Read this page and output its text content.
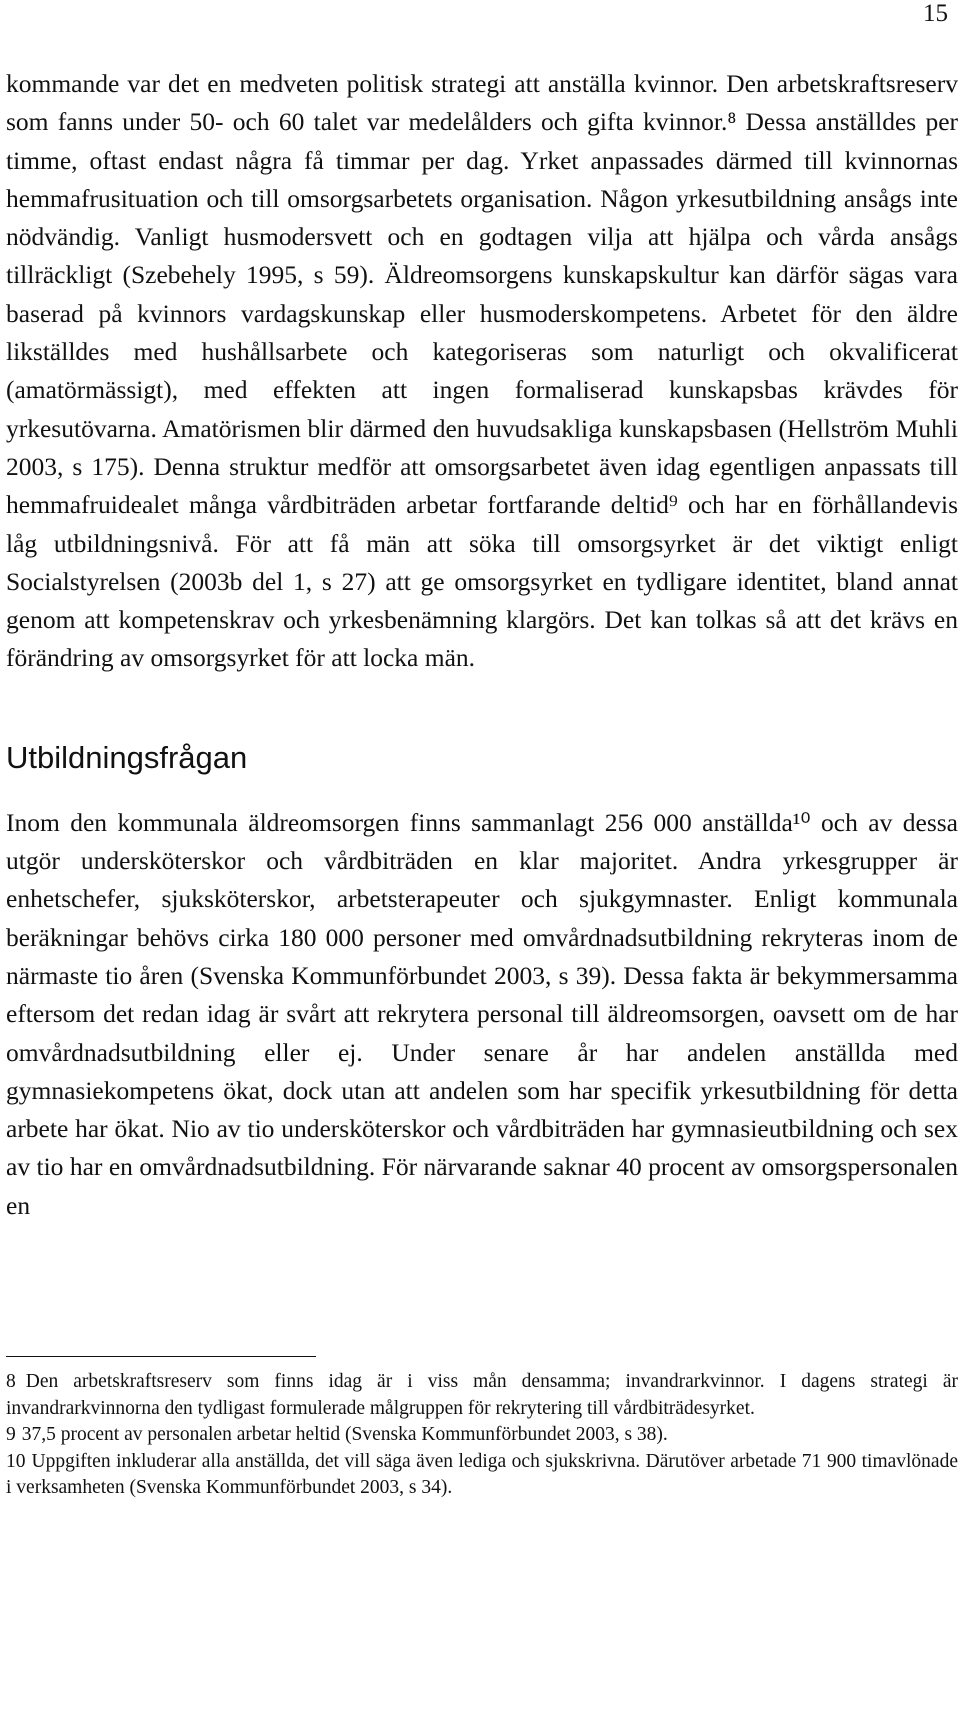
15

kommande var det en medveten politisk strategi att anställa kvinnor. Den arbetskraftsreserv som fanns under 50- och 60 talet var medelålders och gifta kvinnor.⁸ Dessa anställdes per timme, oftast endast några få timmar per dag. Yrket anpassades därmed till kvinnornas hemmafrusituation och till omsorgsarbetets organisation. Någon yrkesutbildning ansågs inte nödvändig. Vanligt husmodersvett och en godtagen vilja att hjälpa och vårda ansågs tillräckligt (Szebehely 1995, s 59). Äldreomsorgens kunskapskultur kan därför sägas vara baserad på kvinnors vardagskunskap eller husmoderskompetens. Arbetet för den äldre likställdes med hushållsarbete och kategoriseras som naturligt och okvalificerat (amatörmässigt), med effekten att ingen formaliserad kunskapsbas krävdes för yrkesutövarna. Amatörismen blir därmed den huvudsakliga kunskapsbasen (Hellström Muhli 2003, s 175). Denna struktur medför att omsorgsarbetet även idag egentligen anpassats till hemmafruidealet många vårdbiträden arbetar fortfarande deltid⁹ och har en förhållandevis låg utbildningsnivå. För att få män att söka till omsorgsyrket är det viktigt enligt Socialstyrelsen (2003b del 1, s 27) att ge omsorgsyrket en tydligare identitet, bland annat genom att kompetenskrav och yrkesbenämning klargörs. Det kan tolkas så att det krävs en förändring av omsorgsyrket för att locka män.

Utbildningsfrågan

Inom den kommunala äldreomsorgen finns sammanlagt 256 000 anställda¹⁰ och av dessa utgör undersköterskor och vårdbiträden en klar majoritet. Andra yrkesgrupper är enhetschefer, sjuksköterskor, arbetsterapeuter och sjukgymnaster. Enligt kommunala beräkningar behövs cirka 180 000 personer med omvårdnadsutbildning rekryteras inom de närmaste tio åren (Svenska Kommunförbundet 2003, s 39). Dessa fakta är bekymmersamma eftersom det redan idag är svårt att rekrytera personal till äldreomsorgen, oavsett om de har omvårdnadsutbildning eller ej. Under senare år har andelen anställda med gymnasiekompetens ökat, dock utan att andelen som har specifik yrkesutbildning för detta arbete har ökat. Nio av tio undersköterskor och vårdbiträden har gymnasieutbildning och sex av tio har en omvårdnadsutbildning. För närvarande saknar 40 procent av omsorgspersonalen en

8 Den arbetskraftsreserv som finns idag är i viss mån densamma; invandrarkvinnor. I dagens strategi är invandrarkvinnorna den tydligast formulerade målgruppen för rekrytering till vårdbiträdesyrket.

9 37,5 procent av personalen arbetar heltid (Svenska Kommunförbundet 2003, s 38).

10 Uppgiften inkluderar alla anställda, det vill säga även lediga och sjukskrivna. Därutöver arbetade 71 900 timavlönade i verksamheten (Svenska Kommunförbundet 2003, s 34).
